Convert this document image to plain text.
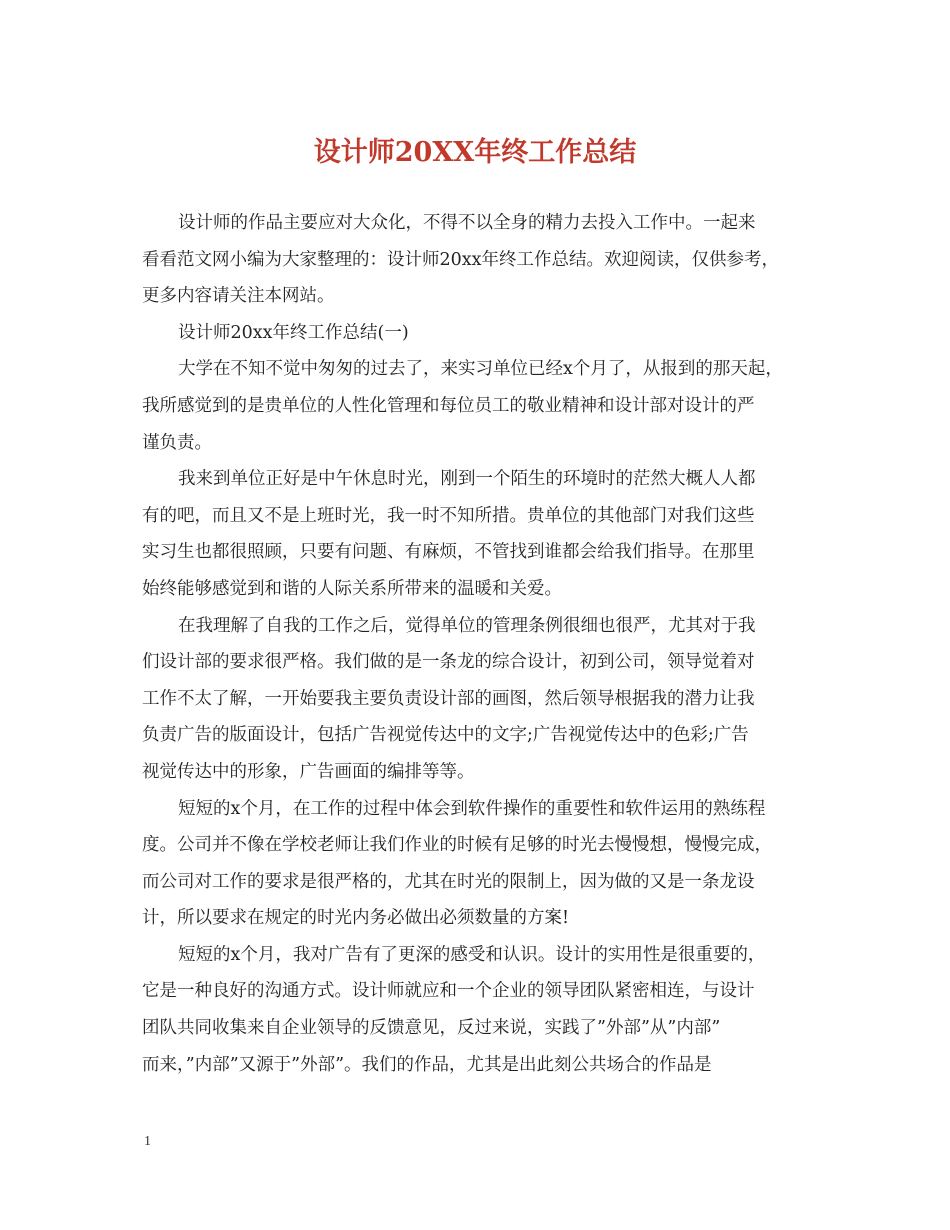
设计师20XX年终工作总结
设计师的作品主要应对大众化，不得不以全身的精力去投入工作中。一起来
看看范文网小编为大家整理的：设计师20xx年终工作总结。欢迎阅读，仅供参考，
更多内容请关注本网站。
设计师20xx年终工作总结(一)
大学在不知不觉中匆匆的过去了，来实习单位已经x个月了，从报到的那天起，
我所感觉到的是贵单位的人性化管理和每位员工的敬业精神和设计部对设计的严
谨负责。
我来到单位正好是中午休息时光，刚到一个陌生的环境时的茫然大概人人都
有的吧，而且又不是上班时光，我一时不知所措。贵单位的其他部门对我们这些
实习生也都很照顾，只要有问题、有麻烦，不管找到谁都会给我们指导。在那里
始终能够感觉到和谐的人际关系所带来的温暖和关爱。
在我理解了自我的工作之后，觉得单位的管理条例很细也很严，尤其对于我
们设计部的要求很严格。我们做的是一条龙的综合设计，初到公司，领导觉着对
工作不太了解，一开始要我主要负责设计部的画图，然后领导根据我的潜力让我
负责广告的版面设计，包括广告视觉传达中的文字;广告视觉传达中的色彩;广告
视觉传达中的形象，广告画面的编排等等。
短短的x个月，在工作的过程中体会到软件操作的重要性和软件运用的熟练程
度。公司并不像在学校老师让我们作业的时候有足够的时光去慢慢想，慢慢完成，
而公司对工作的要求是很严格的，尤其在时光的限制上，因为做的又是一条龙设
计，所以要求在规定的时光内务必做出必须数量的方案!
短短的x个月，我对广告有了更深的感受和认识。设计的实用性是很重要的，
它是一种良好的沟通方式。设计师就应和一个企业的领导团队紧密相连，与设计
团队共同收集来自企业领导的反馈意见，反过来说，实践了”外部”从”内部”
而来，”内部”又源于”外部”。我们的作品，尤其是出此刻公共场合的作品是
1
